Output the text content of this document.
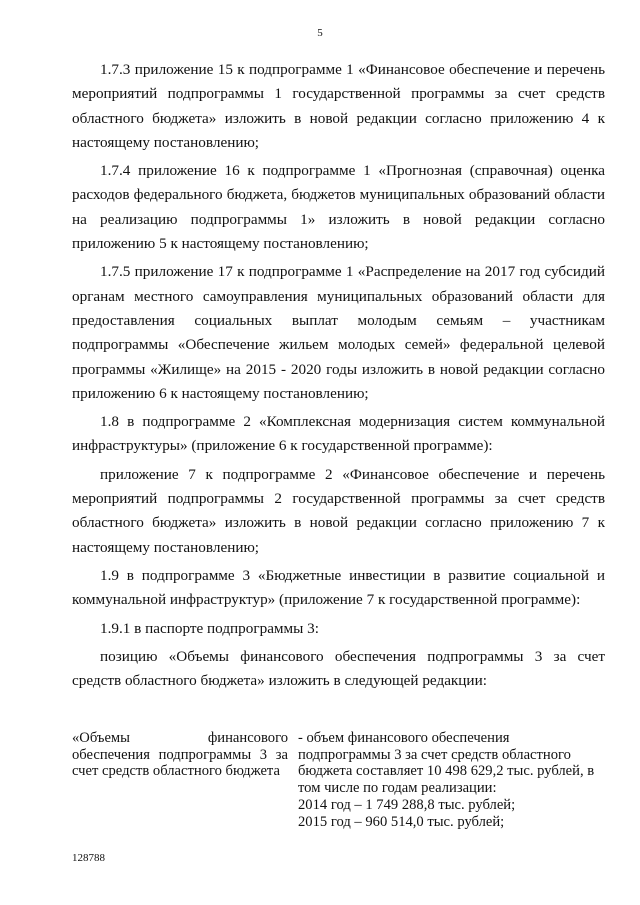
5

1.7.3 приложение 15 к подпрограмме 1 «Финансовое обеспечение и перечень мероприятий подпрограммы 1 государственной программы за счет средств областного бюджета» изложить в новой редакции согласно приложению 4 к настоящему постановлению;

1.7.4 приложение 16 к подпрограмме 1 «Прогнозная (справочная) оценка расходов федерального бюджета, бюджетов муниципальных образований области на реализацию подпрограммы 1» изложить в новой редакции согласно приложению 5 к настоящему постановлению;

1.7.5 приложение 17 к подпрограмме 1 «Распределение на 2017 год субсидий органам местного самоуправления муниципальных образований области для предоставления социальных выплат молодым семьям – участникам подпрограммы «Обеспечение жильем молодых семей» федеральной целевой программы «Жилище» на 2015 - 2020 годы изложить в новой редакции согласно приложению 6 к настоящему постановлению;

1.8 в подпрограмме 2 «Комплексная модернизация систем коммунальной инфраструктуры» (приложение 6 к государственной программе):

приложение 7 к подпрограмме 2 «Финансовое обеспечение и перечень мероприятий подпрограммы 2 государственной программы за счет средств областного бюджета» изложить в новой редакции согласно приложению 7 к настоящему постановлению;

1.9 в подпрограмме 3 «Бюджетные инвестиции в развитие социальной и коммунальной инфраструктур» (приложение 7 к государственной программе):

1.9.1 в паспорте подпрограммы 3:

позицию «Объемы финансового обеспечения подпрограммы 3 за счет средств областного бюджета» изложить в следующей редакции:

«Объемы финансового обеспечения подпрограммы 3 за счет средств областного бюджета
- объем финансового обеспечения подпрограммы 3 за счет средств областного бюджета составляет 10 498 629,2 тыс. рублей, в том числе по годам реализации:
2014 год – 1 749 288,8 тыс. рублей;
2015 год – 960 514,0 тыс. рублей;
128788
